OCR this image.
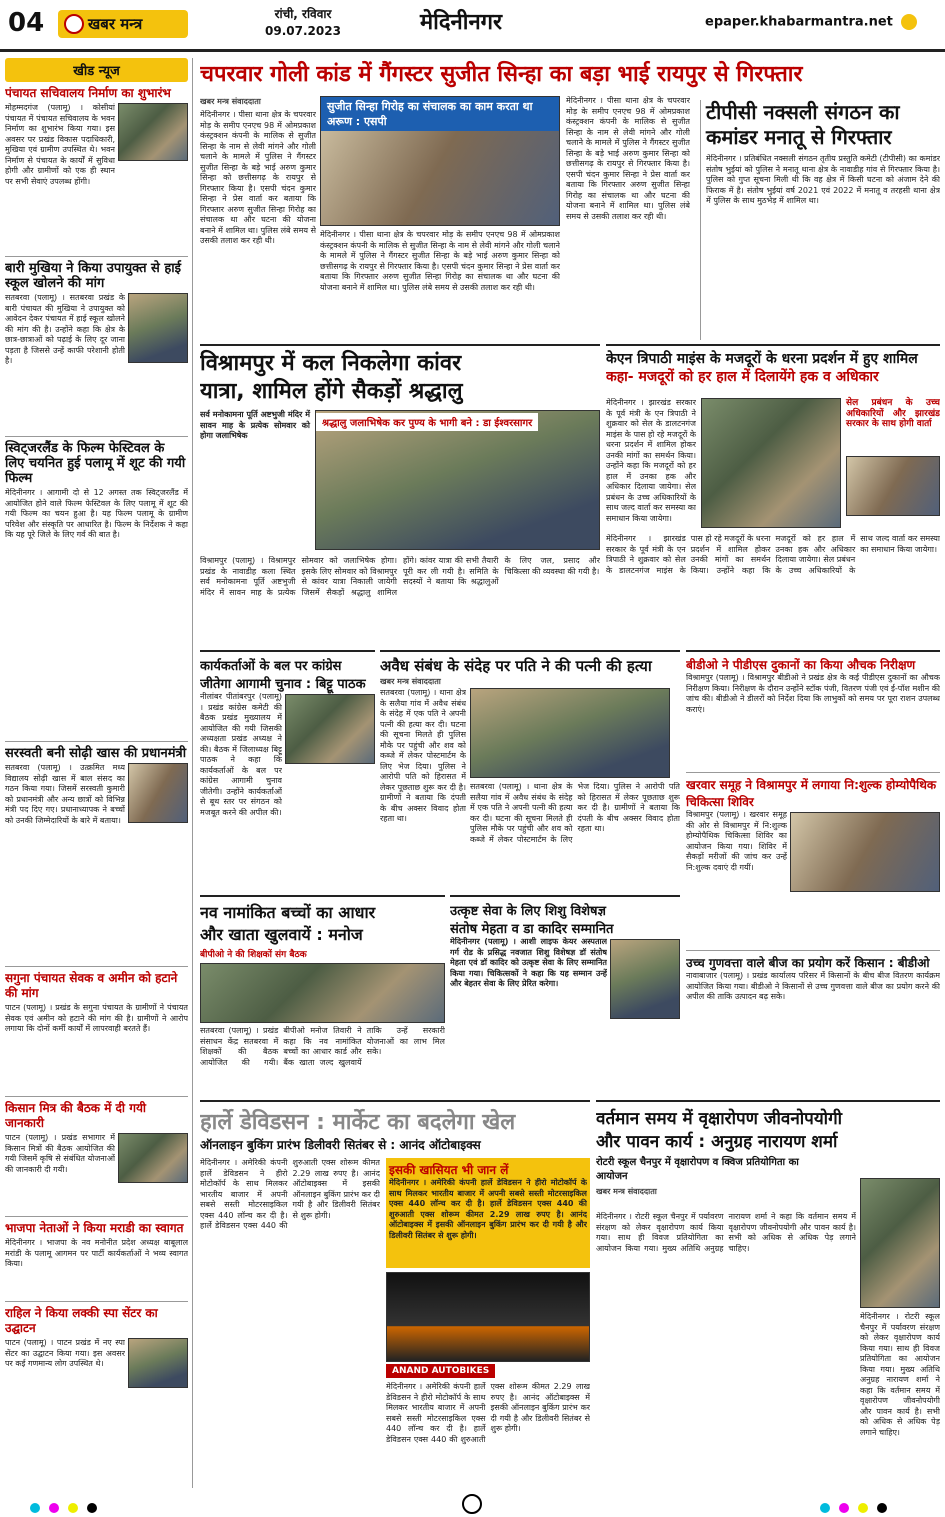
04	खबर मन्त्र
रांची, रविवार
09.07.2023	मेदिनीनगर	epaper.khabarmantra.net
खीड न्यूज
पंचायत सचिवालय निर्माण का शुभारंभ
मोहम्मदगंज (पलामू) । कोसीयां पंचायत में पंचायत सचिवालय के भवन निर्माण का शुभारंभ किया गया। इस अवसर पर प्रखंड विकास पदाधिकारी, मुखिया एवं ग्रामीण उपस्थित थे। भवन निर्माण से पंचायत के कार्यों में सुविधा होगी और ग्रामीणों को एक ही स्थान पर सभी सेवाएं उपलब्ध होंगी।
बारी मुखिया ने किया उपायुक्त से हाई स्कूल खोलने की मांग
सतबरवा (पलामू) । सतबरवा प्रखंड के बारी पंचायत की मुखिया ने उपायुक्त को आवेदन देकर पंचायत में हाई स्कूल खोलने की मांग की है। उन्होंने कहा कि क्षेत्र के छात्र-छात्राओं को पढ़ाई के लिए दूर जाना पड़ता है जिससे उन्हें काफी परेशानी होती है।
स्विट्जरलैंड के फिल्म फेस्टिवल के लिए चयनित हुई पलामू में शूट की गयी फिल्म
मेदिनीनगर । आगामी दो से 12 अगस्त तक स्विट्जरलैंड में आयोजित होने वाले फिल्म फेस्टिवल के लिए पलामू में शूट की गयी फिल्म का चयन हुआ है। यह फिल्म पलामू के ग्रामीण परिवेश और संस्कृति पर आधारित है। फिल्म के निर्देशक ने कहा कि यह पूरे जिले के लिए गर्व की बात है।
सरस्वती बनी सोढ़ी खास की प्रधानमंत्री
सतबरवा (पलामू) । उत्क्रमित मध्य विद्यालय सोढ़ी खास में बाल संसद का गठन किया गया। जिसमें सरस्वती कुमारी को प्रधानमंत्री और अन्य छात्रों को विभिन्न मंत्री पद दिए गए। प्रधानाध्यापक ने बच्चों को उनकी जिम्मेदारियों के बारे में बताया।
सगुना पंचायत सेवक व अमीन को हटाने की मांग
पाटन (पलामू) । प्रखंड के सगुना पंचायत के ग्रामीणों ने पंचायत सेवक एवं अमीन को हटाने की मांग की है। ग्रामीणों ने आरोप लगाया कि दोनों कर्मी कार्यों में लापरवाही बरतते हैं।
किसान मित्र की बैठक में दी गयी जानकारी
पाटन (पलामू) । प्रखंड सभागार में किसान मित्रों की बैठक आयोजित की गयी जिसमें कृषि से संबंधित योजनाओं की जानकारी दी गयी।
भाजपा नेताओं ने किया मराडी का स्वागत
मेदिनीनगर । भाजपा के नव मनोनीत प्रदेश अध्यक्ष बाबूलाल मरांडी के पलामू आगमन पर पार्टी कार्यकर्ताओं ने भव्य स्वागत किया।
राहिल ने किया लक्की स्पा सेंटर का उद्घाटन
पाटन (पलामू) । पाटन प्रखंड में नए स्पा सेंटर का उद्घाटन किया गया। इस अवसर पर कई गणमान्य लोग उपस्थित थे।
चपरवार गोली कांड में गैंगस्टर सुजीत सिन्हा का बड़ा भाई रायपुर से गिरफ्तार
खबर मन्त्र संवाददाता	सुजीत सिन्हा गिरोह का संचालक का काम करता था अरूण : एसपी
मेदिनीनगर । पीसा थाना क्षेत्र के चपरवार मोड़ के समीप एनएच 98 में ओमप्रकाश कंस्ट्रक्शन कंपनी के मालिक से सुजीत सिन्हा के नाम से लेवी मांगने और गोली चलाने के मामले में पुलिस ने गैंगस्टर सुजीत सिन्हा के बड़े भाई अरुण कुमार सिन्हा को छत्तीसगढ़ के रायपुर से गिरफ्तार किया है। एसपी चंदन कुमार सिन्हा ने प्रेस वार्ता कर बताया कि गिरफ्तार अरुण सुजीत सिन्हा गिरोह का संचालक था और घटना की योजना बनाने में शामिल था। पुलिस लंबे समय से उसकी तलाश कर रही थी।
मेदिनीनगर । पीसा थाना क्षेत्र के चपरवार मोड़ के समीप एनएच 98 में ओमप्रकाश कंस्ट्रक्शन कंपनी के मालिक से सुजीत सिन्हा के नाम से लेवी मांगने और गोली चलाने के मामले में पुलिस ने गैंगस्टर सुजीत सिन्हा के बड़े भाई अरुण कुमार सिन्हा को छत्तीसगढ़ के रायपुर से गिरफ्तार किया है। एसपी चंदन कुमार सिन्हा ने प्रेस वार्ता कर बताया कि गिरफ्तार अरुण सुजीत सिन्हा गिरोह का संचालक था और घटना की योजना बनाने में शामिल था। पुलिस लंबे समय से उसकी तलाश कर रही थी।
मेदिनीनगर । पीसा थाना क्षेत्र के चपरवार मोड़ के समीप एनएच 98 में ओमप्रकाश कंस्ट्रक्शन कंपनी के मालिक से सुजीत सिन्हा के नाम से लेवी मांगने और गोली चलाने के मामले में पुलिस ने गैंगस्टर सुजीत सिन्हा के बड़े भाई अरुण कुमार सिन्हा को छत्तीसगढ़ के रायपुर से गिरफ्तार किया है। एसपी चंदन कुमार सिन्हा ने प्रेस वार्ता कर बताया कि गिरफ्तार अरुण सुजीत सिन्हा गिरोह का संचालक था और घटना की योजना बनाने में शामिल था। पुलिस लंबे समय से उसकी तलाश कर रही थी।
टीपीसी नक्सली संगठन का कमांडर मनातू से गिरफ्तार
मेदिनीनगर । प्रतिबंधित नक्सली संगठन तृतीय प्रस्तुति कमेटी (टीपीसी) का कमांडर संतोष भुईयां को पुलिस ने मनातू थाना क्षेत्र के नावाडीह गांव से गिरफ्तार किया है। पुलिस को गुप्त सूचना मिली थी कि वह क्षेत्र में किसी घटना को अंजाम देने की फिराक में है। संतोष भुईयां वर्ष 2021 एवं 2022 में मनातू व तरहसी थाना क्षेत्र में पुलिस के साथ मुठभेड़ में शामिल था।
विश्रामपुर में कल निकलेगा कांवर
यात्रा, शामिल होंगे सैकड़ों श्रद्धालु
सर्व मनोकामना पूर्ति अष्टभुजी मंदिर में सावन माह के प्रत्येक सोमवार को होगा जलाभिषेक
श्रद्धालु जलाभिषेक कर पुण्य के भागी बने : डा ईश्वरसागर
विश्रामपुर (पलामू) । विश्रामपुर प्रखंड के नावाडीह कला स्थित सर्व मनोकामना पूर्ति अष्टभुजी मंदिर में सावन माह के प्रत्येक सोमवार को जलाभिषेक होगा। इसके लिए सोमवार को विश्रामपुर से कांवर यात्रा निकाली जायेगी जिसमें सैकड़ों श्रद्धालु शामिल होंगे। कांवर यात्रा की सभी तैयारी पूरी कर ली गयी है। समिति के सदस्यों ने बताया कि श्रद्धालुओं के लिए जल, प्रसाद और चिकित्सा की व्यवस्था की गयी है।
केएन त्रिपाठी माइंस के मजदूरों के धरना प्रदर्शन में हुए शामिल
कहा- मजदूरों को हर हाल में दिलायेंगे हक व अधिकार
मेदिनीनगर । झारखंड सरकार के पूर्व मंत्री के एन त्रिपाठी ने शुक्रवार को सेल के डालटनगंज माइंस के पास हो रहे मजदूरों के धरना प्रदर्शन में शामिल होकर उनकी मांगों का समर्थन किया। उन्होंने कहा कि मजदूरों को हर हाल में उनका हक और अधिकार दिलाया जायेगा। सेल प्रबंधन के उच्च अधिकारियों के साथ जल्द वार्ता कर समस्या का समाधान किया जायेगा।
सेल प्रबंधन के उच्च अधिकारियों और झारखंड सरकार के साथ होगी वार्ता
मेदिनीनगर । झारखंड सरकार के पूर्व मंत्री के एन त्रिपाठी ने शुक्रवार को सेल के डालटनगंज माइंस के पास हो रहे मजदूरों के धरना प्रदर्शन में शामिल होकर उनकी मांगों का समर्थन किया। उन्होंने कहा कि मजदूरों को हर हाल में उनका हक और अधिकार दिलाया जायेगा। सेल प्रबंधन के उच्च अधिकारियों के साथ जल्द वार्ता कर समस्या का समाधान किया जायेगा।
कार्यकर्ताओं के बल पर कांग्रेस
जीतेगा आगामी चुनाव : बिट्टू पाठक
नीलांबर पीतांबरपुर (पलामू) । प्रखंड कांग्रेस कमेटी की बैठक प्रखंड मुख्यालय में आयोजित की गयी जिसकी अध्यक्षता प्रखंड अध्यक्ष ने की। बैठक में जिलाध्यक्ष बिट्टू पाठक ने कहा कि कार्यकर्ताओं के बल पर कांग्रेस आगामी चुनाव जीतेगी। उन्होंने कार्यकर्ताओं से बूथ स्तर पर संगठन को मजबूत करने की अपील की।
अवैध संबंध के संदेह पर पति ने की पत्नी की हत्या
खबर मन्त्र संवाददाता
सतबरवा (पलामू) । थाना क्षेत्र के सलैया गांव में अवैध संबंध के संदेह में एक पति ने अपनी पत्नी की हत्या कर दी। घटना की सूचना मिलते ही पुलिस मौके पर पहुंची और शव को कब्जे में लेकर पोस्टमार्टम के लिए भेज दिया। पुलिस ने आरोपी पति को हिरासत में लेकर पूछताछ शुरू कर दी है। ग्रामीणों ने बताया कि दंपती के बीच अक्सर विवाद होता रहता था।
सतबरवा (पलामू) । थाना क्षेत्र के सलैया गांव में अवैध संबंध के संदेह में एक पति ने अपनी पत्नी की हत्या कर दी। घटना की सूचना मिलते ही पुलिस मौके पर पहुंची और शव को कब्जे में लेकर पोस्टमार्टम के लिए भेज दिया। पुलिस ने आरोपी पति को हिरासत में लेकर पूछताछ शुरू कर दी है। ग्रामीणों ने बताया कि दंपती के बीच अक्सर विवाद होता रहता था।
बीडीओ ने पीडीएस दुकानों का किया औचक निरीक्षण
विश्रामपुर (पलामू) । विश्रामपुर बीडीओ ने प्रखंड क्षेत्र के कई पीडीएस दुकानों का औचक निरीक्षण किया। निरीक्षण के दौरान उन्होंने स्टॉक पंजी, वितरण पंजी एवं ई-पॉश मशीन की जांच की। बीडीओ ने डीलरों को निर्देश दिया कि लाभुकों को समय पर पूरा राशन उपलब्ध कराएं।
खरवार समूह ने विश्रामपुर में लगाया नि:शुल्क होम्योपैथिक चिकित्सा शिविर
विश्रामपुर (पलामू) । खरवार समूह की ओर से विश्रामपुर में नि:शुल्क होम्योपैथिक चिकित्सा शिविर का आयोजन किया गया। शिविर में सैकड़ों मरीजों की जांच कर उन्हें नि:शुल्क दवाएं दी गयीं।
उच्च गुणवत्ता वाले बीज का प्रयोग करें किसान : बीडीओ
नावाबाजार (पलामू) । प्रखंड कार्यालय परिसर में किसानों के बीच बीज वितरण कार्यक्रम आयोजित किया गया। बीडीओ ने किसानों से उच्च गुणवत्ता वाले बीज का प्रयोग करने की अपील की ताकि उत्पादन बढ़ सके।
नव नामांकित बच्चों का आधार
और खाता खुलवायें : मनोज
बीपीओ ने की शिक्षकों संग बैठक
सतबरवा (पलामू) । प्रखंड संसाधन केंद्र सतबरवा में शिक्षकों की बैठक आयोजित की गयी। बीपीओ मनोज तिवारी ने कहा कि नव नामांकित बच्चों का आधार कार्ड और बैंक खाता जल्द खुलवायें ताकि उन्हें सरकारी योजनाओं का लाभ मिल सके।
उत्कृष्ट सेवा के लिए शिशु विशेषज्ञ
संतोष मेहता व डा कादिर सम्मानित
मेदिनीनगर (पलामू) । आशी लाइफ केयर अस्पताल गर्ग रोड के प्रसिद्ध नवजात शिशु विशेषज्ञ डॉ संतोष मेहता एवं डॉ कादिर को उत्कृष्ट सेवा के लिए सम्मानित किया गया। चिकित्सकों ने कहा कि यह सम्मान उन्हें और बेहतर सेवा के लिए प्रेरित करेगा।
हार्ले डेविडसन : मार्केट का बदलेगा खेल
ऑनलाइन बुकिंग प्रारंभ डिलीवरी सितंबर से : आनंद ऑटोबाइक्स
मेदिनीनगर । अमेरिकी कंपनी हार्ले डेविडसन ने हीरो मोटोकॉर्प के साथ मिलकर भारतीय बाजार में अपनी सबसे सस्ती मोटरसाइकिल एक्स 440 लॉन्च कर दी है। हार्ले डेविडसन एक्स 440 की शुरुआती एक्स शोरूम कीमत 2.29 लाख रुपए है। आनंद ऑटोबाइक्स में इसकी ऑनलाइन बुकिंग प्रारंभ कर दी गयी है और डिलीवरी सितंबर से शुरू होगी।
इसकी खासियत भी जान लें
मेदिनीनगर । अमेरिकी कंपनी हार्ले डेविडसन ने हीरो मोटोकॉर्प के साथ मिलकर भारतीय बाजार में अपनी सबसे सस्ती मोटरसाइकिल एक्स 440 लॉन्च कर दी है। हार्ले डेविडसन एक्स 440 की शुरुआती एक्स शोरूम कीमत 2.29 लाख रुपए है। आनंद ऑटोबाइक्स में इसकी ऑनलाइन बुकिंग प्रारंभ कर दी गयी है और डिलीवरी सितंबर से शुरू होगी।
ANAND AUTOBIKES
मेदिनीनगर । अमेरिकी कंपनी हार्ले डेविडसन ने हीरो मोटोकॉर्प के साथ मिलकर भारतीय बाजार में अपनी सबसे सस्ती मोटरसाइकिल एक्स 440 लॉन्च कर दी है। हार्ले डेविडसन एक्स 440 की शुरुआती एक्स शोरूम कीमत 2.29 लाख रुपए है। आनंद ऑटोबाइक्स में इसकी ऑनलाइन बुकिंग प्रारंभ कर दी गयी है और डिलीवरी सितंबर से शुरू होगी।
वर्तमान समय में वृक्षारोपण जीवनोपयोगी
और पावन कार्य : अनुग्रह नारायण शर्मा
रोटरी स्कूल चैनपुर में वृक्षारोपण व क्विज प्रतियोगिता का आयोजन
खबर मन्त्र संवाददाता
मेदिनीनगर । रोटरी स्कूल चैनपुर में पर्यावरण संरक्षण को लेकर वृक्षारोपण कार्य किया गया। साथ ही विवज प्रतियोगिता का आयोजन किया गया। मुख्य अतिथि अनुग्रह नारायण शर्मा ने कहा कि वर्तमान समय में वृक्षारोपण जीवनोपयोगी और पावन कार्य है। सभी को अधिक से अधिक पेड़ लगाने चाहिए।
मेदिनीनगर । रोटरी स्कूल चैनपुर में पर्यावरण संरक्षण को लेकर वृक्षारोपण कार्य किया गया। साथ ही विवज प्रतियोगिता का आयोजन किया गया। मुख्य अतिथि अनुग्रह नारायण शर्मा ने कहा कि वर्तमान समय में वृक्षारोपण जीवनोपयोगी और पावन कार्य है। सभी को अधिक से अधिक पेड़ लगाने चाहिए।
